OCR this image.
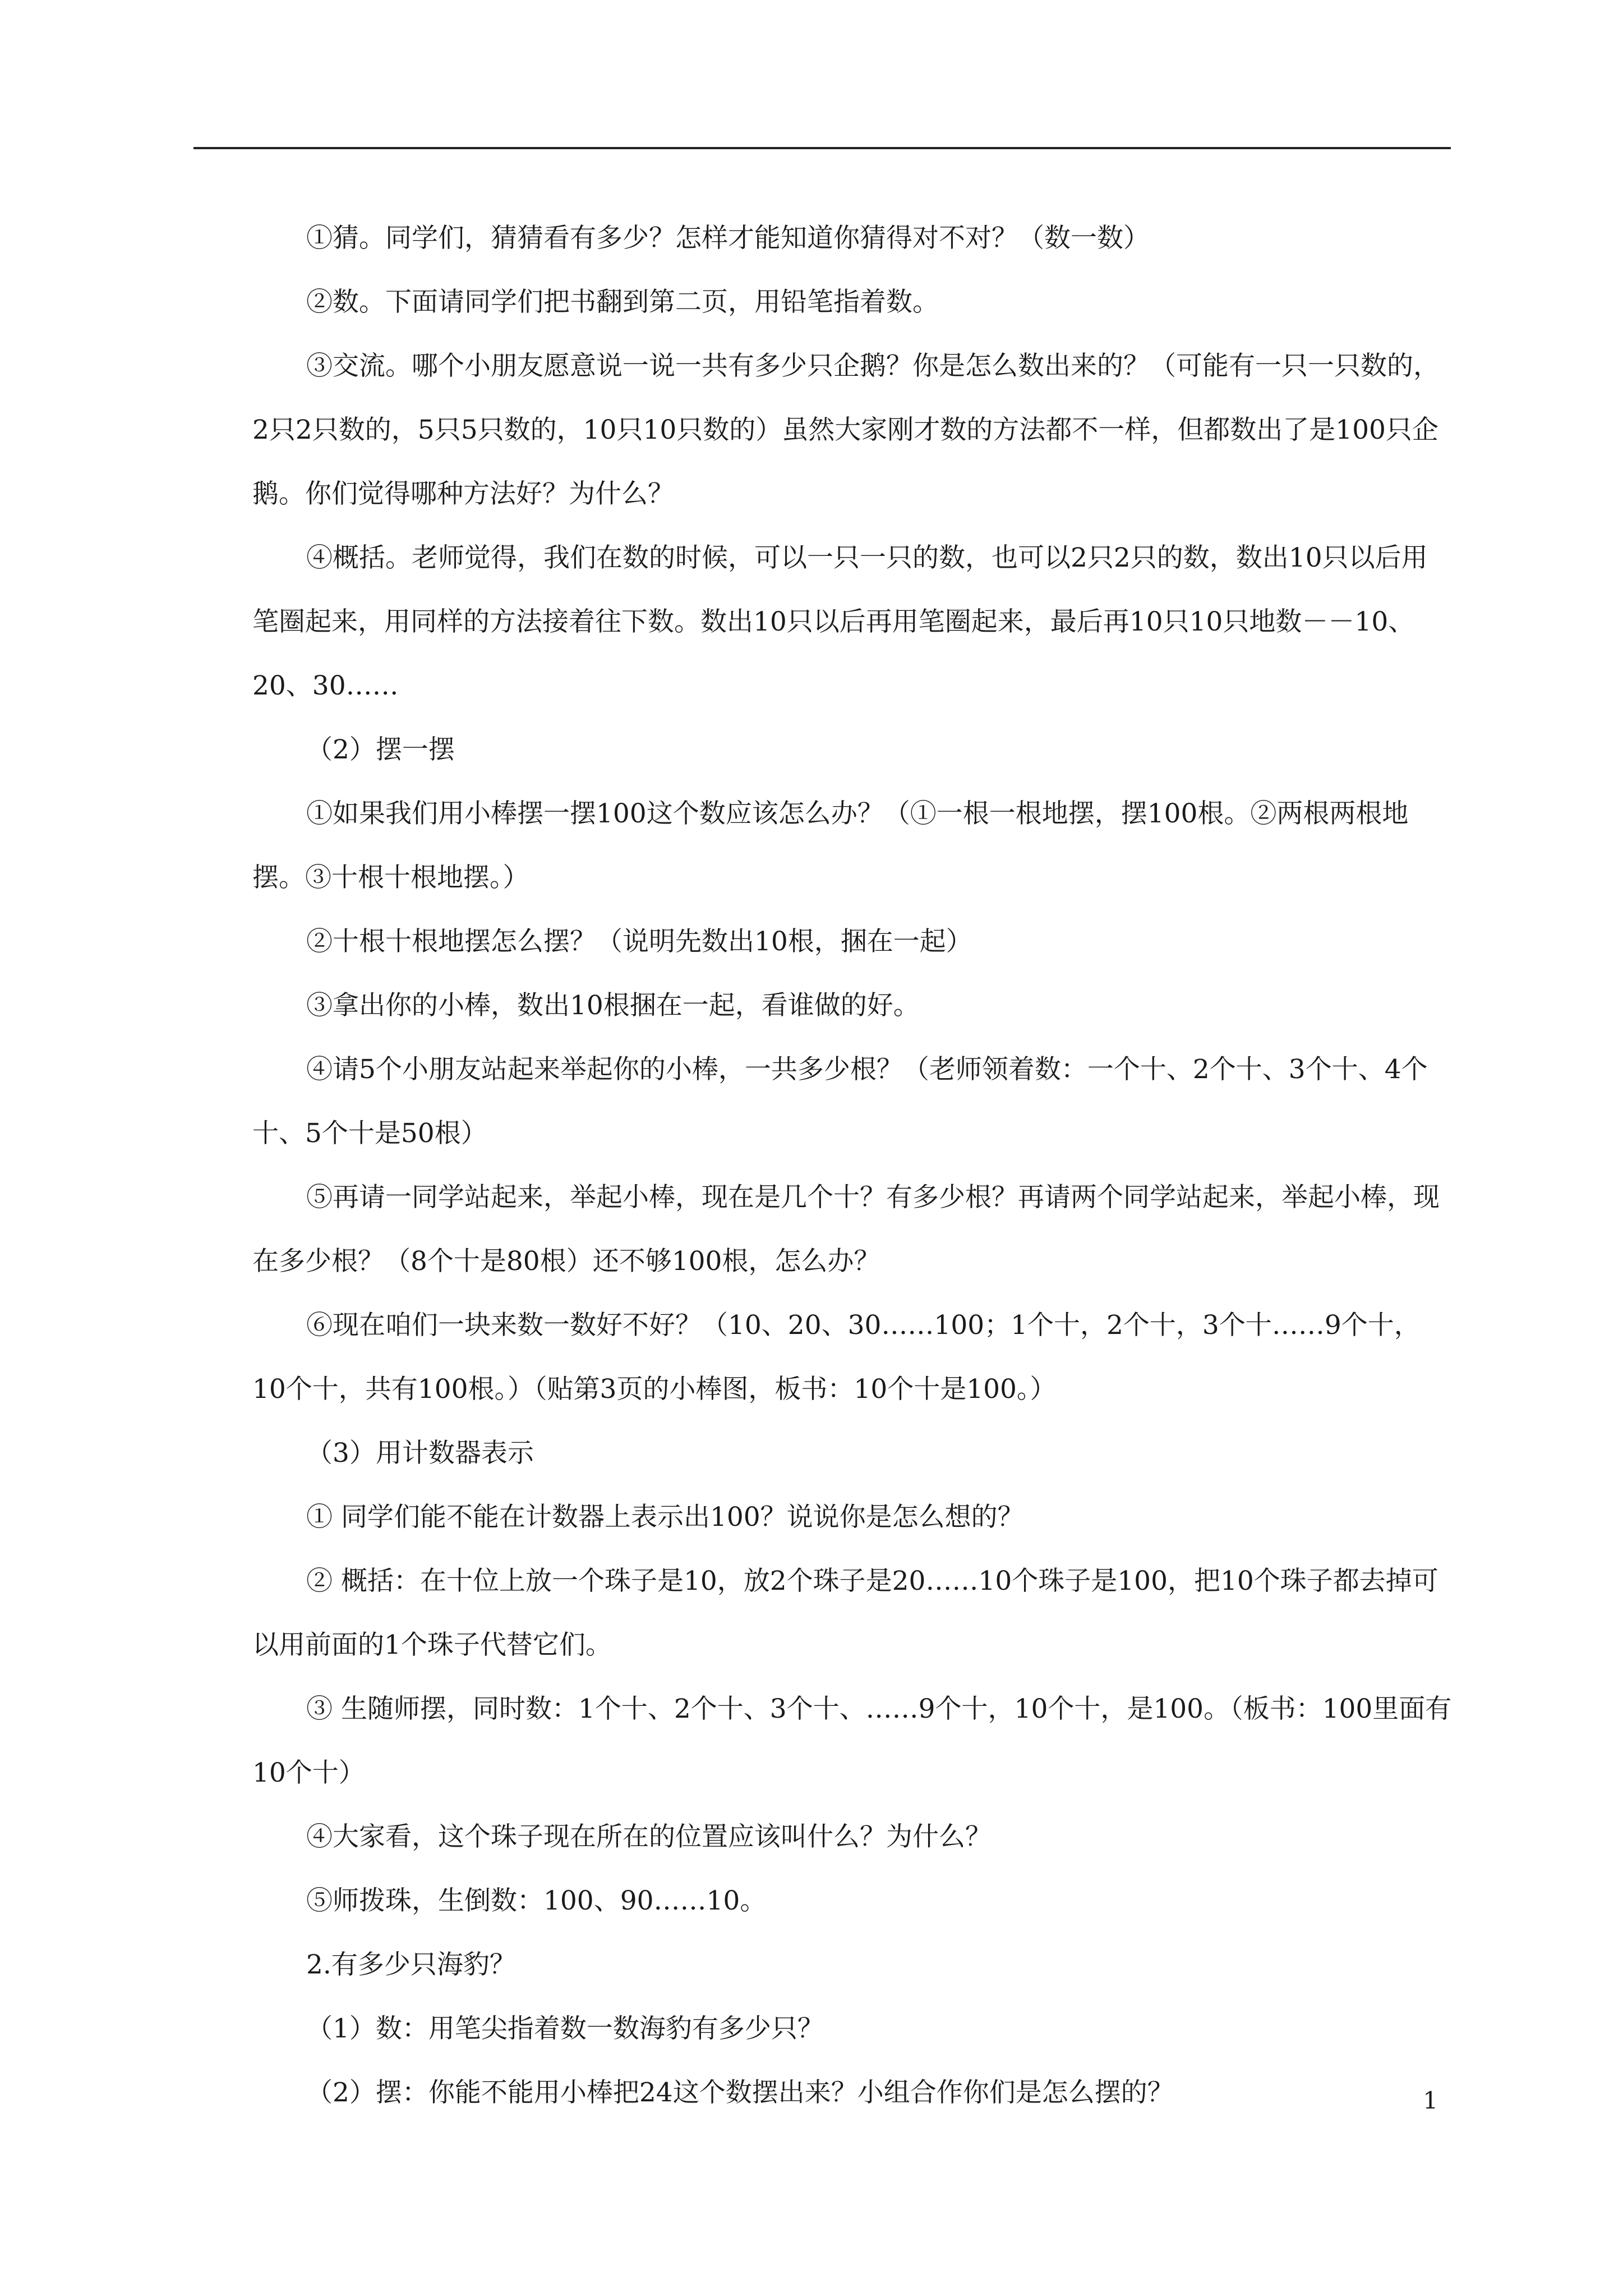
①猜。同学们，猜猜看有多少？怎样才能知道你猜得对不对？（数一数）

②数。下面请同学们把书翻到第二页，用铅笔指着数。

③交流。哪个小朋友愿意说一说一共有多少只企鹅？你是怎么数出来的？（可能有一只一只数的，2只2只数的，5只5只数的，10只10只数的）虽然大家刚才数的方法都不一样，但都数出了是100只企鹅。你们觉得哪种方法好？为什么？

④概括。老师觉得，我们在数的时候，可以一只一只的数，也可以2只2只的数，数出10只以后用笔圈起来，用同样的方法接着往下数。数出10只以后再用笔圈起来，最后再10只10只地数－－10、20、30……

（2）摆一摆

①如果我们用小棒摆一摆100这个数应该怎么办？（①一根一根地摆，摆100根。②两根两根地摆。③十根十根地摆。）

②十根十根地摆怎么摆？（说明先数出10根，捆在一起）

③拿出你的小棒，数出10根捆在一起，看谁做的好。

④请5个小朋友站起来举起你的小棒，一共多少根？（老师领着数：一个十、2个十、3个十、4个十、5个十是50根）

⑤再请一同学站起来，举起小棒，现在是几个十？有多少根？再请两个同学站起来，举起小棒，现在多少根？（8个十是80根）还不够100根，怎么办？

⑥现在咱们一块来数一数好不好？（10、20、30……100；1个十，2个十，3个十……9个十，10个十，共有100根。）（贴第3页的小棒图，板书：10个十是100。）

（3）用计数器表示

① 同学们能不能在计数器上表示出100？说说你是怎么想的？

② 概括：在十位上放一个珠子是10，放2个珠子是20……10个珠子是100，把10个珠子都去掉可以用前面的1个珠子代替它们。

③ 生随师摆，同时数：1个十、2个十、3个十、……9个十，10个十，是100。（板书：100里面有10个十）

④大家看，这个珠子现在所在的位置应该叫什么？为什么？

⑤师拨珠，生倒数：100、90……10。

2.有多少只海豹？

（1）数：用笔尖指着数一数海豹有多少只？

（2）摆：你能不能用小棒把24这个数摆出来？小组合作你们是怎么摆的？	1
